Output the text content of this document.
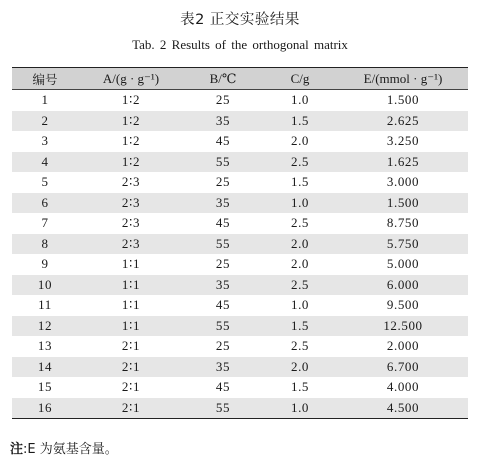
表2 正交实验结果
Tab. 2 Results of the orthogonal matrix
编号	A/(g · g⁻¹)	B/℃	C/g	E/(mmol · g⁻¹)
1	1∶2	25	1.0	1.500
2	1∶2	35	1.5	2.625
3	1∶2	45	2.0	3.250
4	1∶2	55	2.5	1.625
5	2∶3	25	1.5	3.000
6	2∶3	35	1.0	1.500
7	2∶3	45	2.5	8.750
8	2∶3	55	2.0	5.750
9	1∶1	25	2.0	5.000
10	1∶1	35	2.5	6.000
11	1∶1	45	1.0	9.500
12	1∶1	55	1.5	12.500
13	2∶1	25	2.5	2.000
14	2∶1	35	2.0	6.700
15	2∶1	45	1.5	4.000
16	2∶1	55	1.0	4.500
注:E 为氨基含量。
